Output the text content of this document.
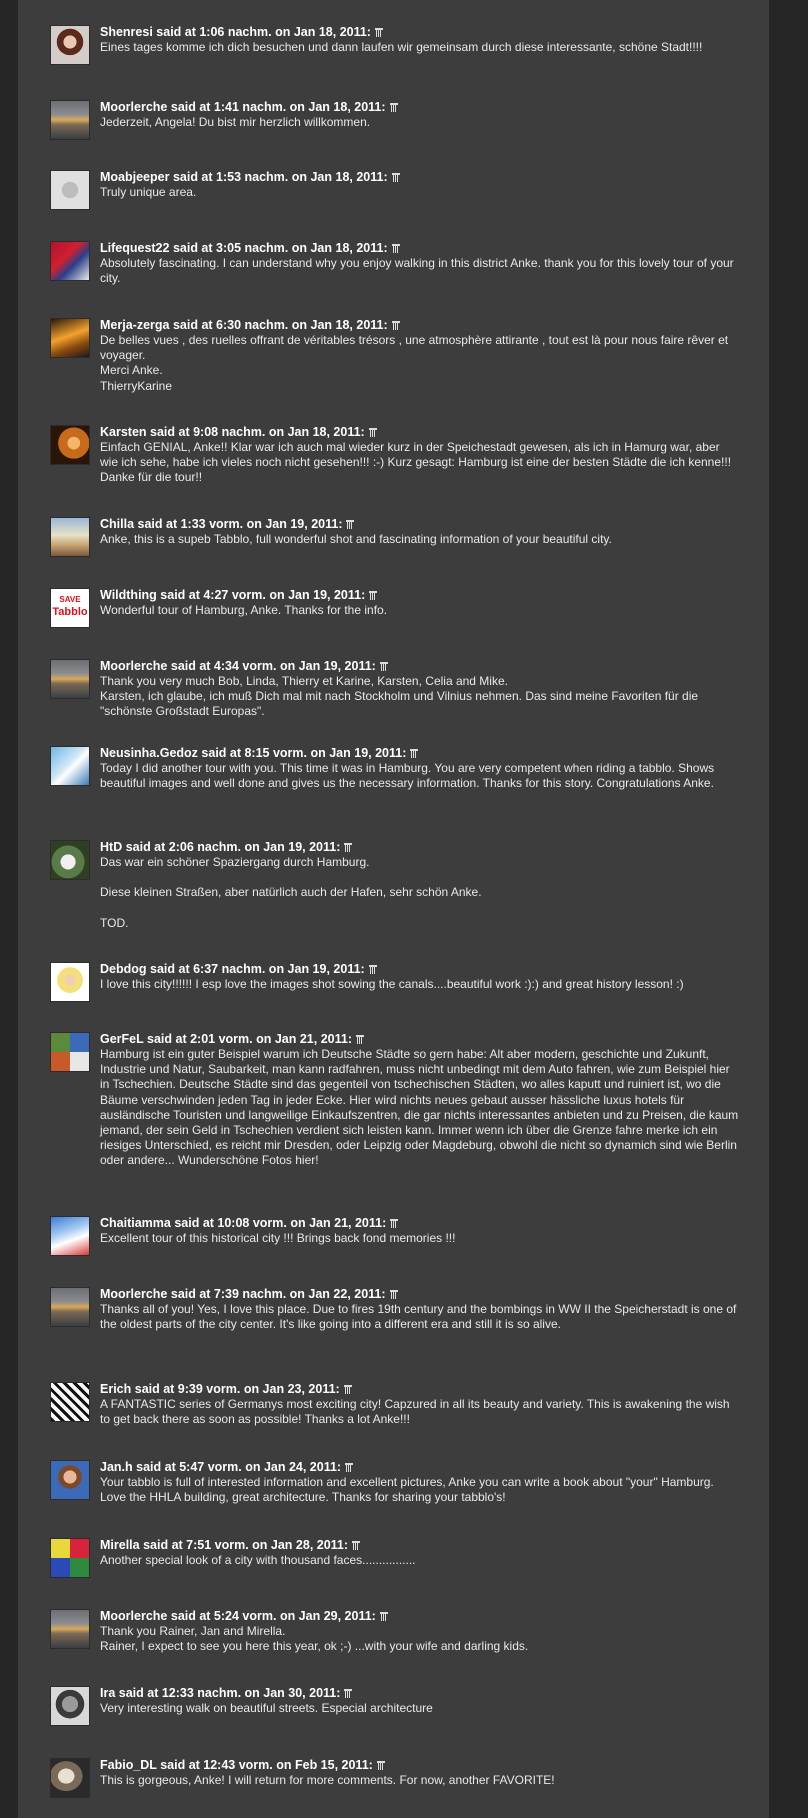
Shenresi said at 1:06 nachm. on Jan 18, 2011:

Eines tages komme ich dich besuchen und dann laufen wir gemeinsam durch diese interessante, schöne Stadt!!!!

Moorlerche said at 1:41 nachm. on Jan 18, 2011:

Jederzeit, Angela! Du bist mir herzlich willkommen.

Moabjeeper said at 1:53 nachm. on Jan 18, 2011:

Truly unique area.

Lifequest22 said at 3:05 nachm. on Jan 18, 2011:

Absolutely fascinating. I can understand why you enjoy walking in this district Anke. thank you for this lovely tour of your city.

Merja-zerga said at 6:30 nachm. on Jan 18, 2011:

De belles vues , des ruelles offrant de véritables trésors , une atmosphère attirante , tout est là pour nous faire rêver et voyager.

Merci Anke.

ThierryKarine

Karsten said at 9:08 nachm. on Jan 18, 2011:

Einfach GENIAL, Anke!! Klar war ich auch mal wieder kurz in der Speichestadt gewesen, als ich in Hamurg war, aber wie ich sehe, habe ich vieles noch nicht gesehen!!! :-) Kurz gesagt: Hamburg ist eine der besten Städte die ich kenne!!! Danke für die tour!!

Chilla said at 1:33 vorm. on Jan 19, 2011:

Anke, this is a supeb Tabblo, full wonderful shot and fascinating information of your beautiful city.

SAVE
Tabblo
Wildthing said at 4:27 vorm. on Jan 19, 2011:

Wonderful tour of Hamburg, Anke. Thanks for the info.

Moorlerche said at 4:34 vorm. on Jan 19, 2011:

Thank you very much Bob, Linda, Thierry et Karine, Karsten, Celia and Mike.

Karsten, ich glaube, ich muß Dich mal mit nach Stockholm und Vilnius nehmen. Das sind meine Favoriten für die "schönste Großstadt Europas".

Neusinha.Gedoz said at 8:15 vorm. on Jan 19, 2011:

Today I did another tour with you. This time it was in Hamburg. You are very competent when riding a tabblo. Shows beautiful images and well done and gives us the necessary information. Thanks for this story. Congratulations Anke.

HtD said at 2:06 nachm. on Jan 19, 2011:

Das war ein schöner Spaziergang durch Hamburg.

Diese kleinen Straßen, aber natürlich auch der Hafen, sehr schön Anke.

TOD.

Debdog said at 6:37 nachm. on Jan 19, 2011:

I love this city!!!!!! I esp love the images shot sowing the canals....beautiful work :):) and great history lesson! :)

GerFeL said at 2:01 vorm. on Jan 21, 2011:

Hamburg ist ein guter Beispiel warum ich Deutsche Städte so gern habe: Alt aber modern, geschichte und Zukunft, Industrie und Natur, Saubarkeit, man kann radfahren, muss nicht unbedingt mit dem Auto fahren, wie zum Beispiel hier in Tschechien. Deutsche Städte sind das gegenteil von tschechischen Städten, wo alles kaputt und ruiniert ist, wo die Bäume verschwinden jeden Tag in jeder Ecke. Hier wird nichts neues gebaut ausser hässliche luxus hotels für ausländische Touristen und langweilige Einkaufszentren, die gar nichts interessantes anbieten und zu Preisen, die kaum jemand, der sein Geld in Tschechien verdient sich leisten kann. Immer wenn ich über die Grenze fahre merke ich ein riesiges Unterschied, es reicht mir Dresden, oder Leipzig oder Magdeburg, obwohl die nicht so dynamich sind wie Berlin oder andere... Wunderschöne Fotos hier!

Chaitiamma said at 10:08 vorm. on Jan 21, 2011:

Excellent tour of this historical city !!! Brings back fond memories !!!

Moorlerche said at 7:39 nachm. on Jan 22, 2011:

Thanks all of you! Yes, I love this place. Due to fires 19th century and the bombings in WW II the Speicherstadt is one of the oldest parts of the city center. It's like going into a different era and still it is so alive.

Erich said at 9:39 vorm. on Jan 23, 2011:

A FANTASTIC series of Germanys most exciting city! Capzured in all its beauty and variety. This is awakening the wish to get back there as soon as possible! Thanks a lot Anke!!!

Jan.h said at 5:47 vorm. on Jan 24, 2011:

Your tabblo is full of interested information and excellent pictures, Anke you can write a book about "your" Hamburg. Love the HHLA building, great architecture. Thanks for sharing your tabblo's!

Mirella said at 7:51 vorm. on Jan 28, 2011:

Another special look of a city with thousand faces................

Moorlerche said at 5:24 vorm. on Jan 29, 2011:

Thank you Rainer, Jan and Mirella.

Rainer, I expect to see you here this year, ok ;-) ...with your wife and darling kids.

Ira said at 12:33 nachm. on Jan 30, 2011:

Very interesting walk on beautiful streets. Especial architecture

Fabio_DL said at 12:43 vorm. on Feb 15, 2011:

This is gorgeous, Anke! I will return for more comments. For now, another FAVORITE!
